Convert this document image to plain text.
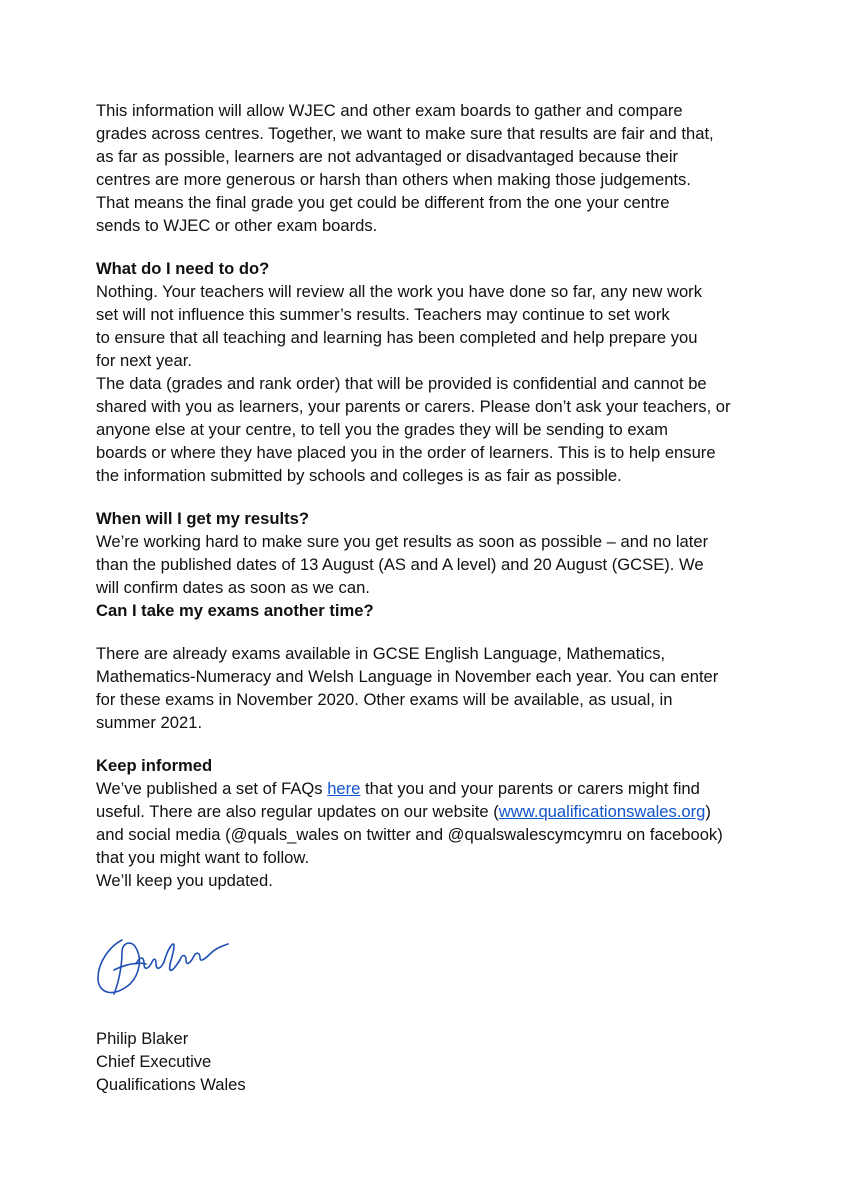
This information will allow WJEC and other exam boards to gather and compare
grades across centres. Together, we want to make sure that results are fair and that,
as far as possible, learners are not advantaged or disadvantaged because their
centres are more generous or harsh than others when making those judgements.
That means the final grade you get could be different from the one your centre
sends to WJEC or other exam boards.
What do I need to do?
Nothing. Your teachers will review all the work you have done so far, any new work
set will not influence this summer’s results. Teachers may continue to set work
to ensure that all teaching and learning has been completed and help prepare you
for next year.
The data (grades and rank order) that will be provided is confidential and cannot be
shared with you as learners, your parents or carers. Please don’t ask your teachers, or
anyone else at your centre, to tell you the grades they will be sending to exam
boards or where they have placed you in the order of learners. This is to help ensure
the information submitted by schools and colleges is as fair as possible.
When will I get my results?
We’re working hard to make sure you get results as soon as possible – and no later
than the published dates of 13 August (AS and A level) and 20 August (GCSE). We
will confirm dates as soon as we can.
Can I take my exams another time?
There are already exams available in GCSE English Language, Mathematics,
Mathematics-Numeracy and Welsh Language in November each year. You can enter
for these exams in November 2020. Other exams will be available, as usual, in
summer 2021.
Keep informed
We’ve published a set of FAQs here that you and your parents or carers might find
useful. There are also regular updates on our website (www.qualificationswales.org)
and social media (@quals_wales on twitter and @qualswalescymcymru on facebook)
that you might want to follow.
We’ll keep you updated.
Philip Blaker
Chief Executive
Qualifications Wales
